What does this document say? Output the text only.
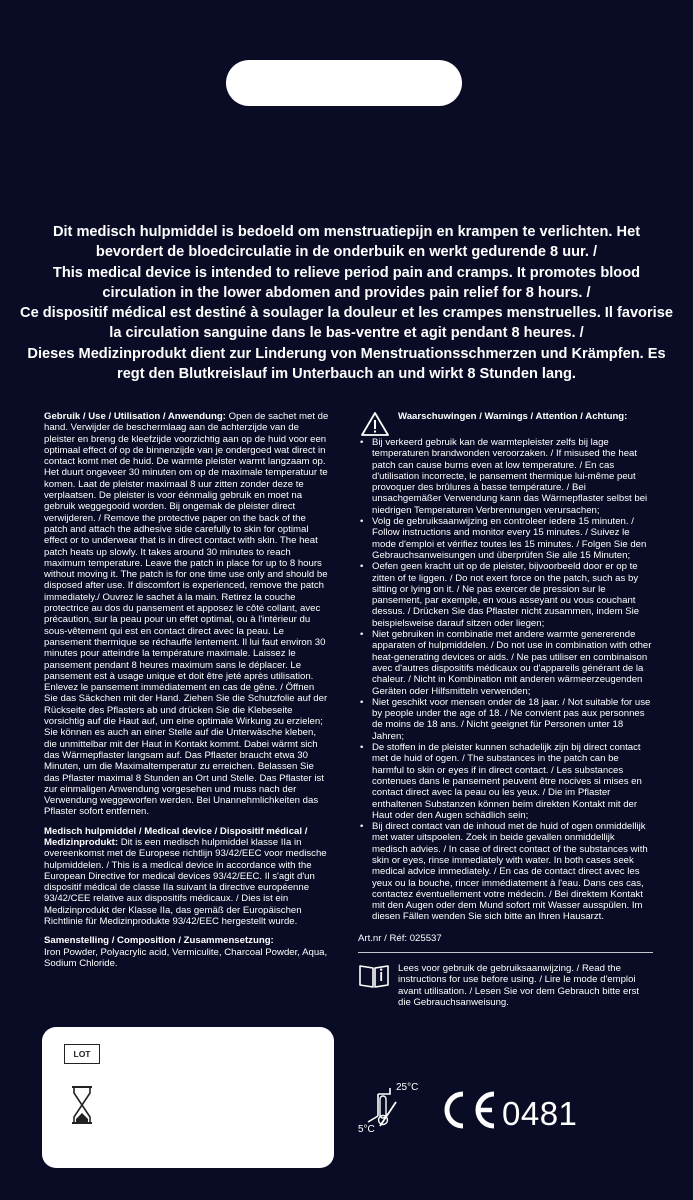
Dit medisch hulpmiddel is bedoeld om menstruatiepijn en krampen te verlichten. Het bevordert de bloedcirculatie in de onderbuik en werkt gedurende 8 uur. /
This medical device is intended to relieve period pain and cramps. It promotes blood circulation in the lower abdomen and provides pain relief for 8 hours. /
Ce dispositif médical est destiné à soulager la douleur et les crampes menstruelles. Il favorise la circulation sanguine dans le bas-ventre et agit pendant 8 heures. /
Dieses Medizinprodukt dient zur Linderung von Menstruationsschmerzen und Krämpfen. Es regt den Blutkreislauf im Unterbauch an und wirkt 8 Stunden lang.

Gebruik / Use / Utilisation / Anwendung: Open de sachet met de hand. Verwijder de beschermlaag aan de achterzijde van de pleister en breng de kleefzijde voorzichtig aan op de huid voor een optimaal effect of op de binnenzijde van je ondergoed wat direct in contact komt met de huid. De warmte pleister warmt langzaam op. Het duurt ongeveer 30 minuten om op de maximale temperatuur te komen. Laat de pleister maximaal 8 uur zitten zonder deze te verplaatsen. De pleister is voor éénmalig gebruik en moet na gebruik weggegooid worden. Bij ongemak de pleister direct verwijderen. / Remove the protective paper on the back of the patch and attach the adhesive side carefully to skin for optimal effect or to underwear that is in direct contact with skin. The heat patch heats up slowly. It takes around 30 minutes to reach maximum temperature. Leave the patch in place for up to 8 hours without moving it. The patch is for one time use only and should be disposed after use. If discomfort is experienced, remove the patch immediately./ Ouvrez le sachet à la main. Retirez la couche protectrice au dos du pansement et apposez le côté collant, avec précaution, sur la peau pour un effet optimal, ou à l'intérieur du sous-vêtement qui est en contact direct avec la peau. Le pansement thermique se réchauffe lentement. Il lui faut environ 30 minutes pour atteindre la température maximale. Laissez le pansement pendant 8 heures maximum sans le déplacer. Le pansement est à usage unique et doit être jeté après utilisation. Enlevez le pansement immédiatement en cas de gêne. / Öffnen Sie das Säckchen mit der Hand. Ziehen Sie die Schutzfolie auf der Rückseite des Pflasters ab und drücken Sie die Klebeseite vorsichtig auf die Haut auf, um eine optimale Wirkung zu erzielen; Sie können es auch an einer Stelle auf die Unterwäsche kleben, die unmittelbar mit der Haut in Kontakt kommt. Dabei wärmt sich das Wärmepflaster langsam auf. Das Pflaster braucht etwa 30 Minuten, um die Maximaltemperatur zu erreichen. Belassen Sie das Pflaster maximal 8 Stunden an Ort und Stelle. Das Pflaster ist zur einmaligen Anwendung vorgesehen und muss nach der Verwendung weggeworfen werden. Bei Unannehmlichkeiten das Pflaster sofort entfernen.

Medisch hulpmiddel / Medical device / Dispositif médical / Medizinprodukt: Dit is een medisch hulpmiddel klasse IIa in overeenkomst met de Europese richtlijn 93/42/EEC voor medische hulpmiddelen. / This is a medical device in accordance with the European Directive for medical devices 93/42/EEC. Il s'agit d'un dispositif médical de classe IIa suivant la directive européenne 93/42/CEE relative aux dispositifs médicaux. / Dies ist ein Medizinprodukt der Klasse IIa, das gemäß der Europäischen Richtlinie für Medizinprodukte 93/42/EEC hergestellt wurde.

Samenstelling / Composition / Zusammensetzung:
Iron Powder, Polyacrylic acid, Vermiculite, Charcoal Powder, Aqua, Sodium Chloride.

Waarschuwingen / Warnings / Attention / Achtung:
• Bij verkeerd gebruik kan de warmtepleister zelfs bij lage temperaturen brandwonden veroorzaken. / If misused the heat patch can cause burns even at low temperature. / En cas d'utilisation incorrecte, le pansement thermique lui-même peut provoquer des brûlures à basse température. / Bei unsachgemäßer Verwendung kann das Wärmepflaster selbst bei niedrigen Temperaturen Verbrennungen verursachen;
• Volg de gebruiksaanwijzing en controleer iedere 15 minuten. / Follow instructions and monitor every 15 minutes. / Suivez le mode d'emploi et vérifiez toutes les 15 minutes. / Folgen Sie den Gebrauchsanweisungen und überprüfen Sie alle 15 Minuten;
• Oefen geen kracht uit op de pleister, bijvoorbeeld door er op te zitten of te liggen. / Do not exert force on the patch, such as by sitting or lying on it. / Ne pas exercer de pression sur le pansement, par exemple, en vous asseyant ou vous couchant dessus. / Drücken Sie das Pflaster nicht zusammen, indem Sie beispielsweise darauf sitzen oder liegen;
• Niet gebruiken in combinatie met andere warmte genererende apparaten of hulpmiddelen. / Do not use in combination with other heat-generating devices or aids. / Ne pas utiliser en combinaison avec d'autres dispositifs médicaux ou d'appareils générant de la chaleur. / Nicht in Kombination mit anderen wärmeerzeugenden Geräten oder Hilfsmitteln verwenden;
• Niet geschikt voor mensen onder de 18 jaar. / Not suitable for use by people under the age of 18. / Ne convient pas aux personnes de moins de 18 ans. / Nicht geeignet für Personen unter 18 Jahren;
• De stoffen in de pleister kunnen schadelijk zijn bij direct contact met de huid of ogen. / The substances in the patch can be harmful to skin or eyes if in direct contact. / Les substances contenues dans le pansement peuvent être nocives si mises en contact direct avec la peau ou les yeux. / Die im Pflaster enthaltenen Substanzen können beim direkten Kontakt mit der Haut oder den Augen schädlich sein;
• Bij direct contact van de inhoud met de huid of ogen onmiddellijk met water uitspoelen. Zoek in beide gevallen onmiddellijk medisch advies. / In case of direct contact of the substances with skin or eyes, rinse immediately with water. In both cases seek medical advice immediately. / En cas de contact direct avec les yeux ou la bouche, rincer immédiatement à l'eau. Dans ces cas, contactez éventuellement votre médecin. / Bei direktem Kontakt mit den Augen oder dem Mund sofort mit Wasser ausspülen. Im diesen Fällen wenden Sie sich bitte an Ihren Hausarzt.
Art.nr / Réf: 025537
Lees voor gebruik de gebruiksaanwijzing. / Read the instructions for use before using. / Lire le mode d'emploi avant utilisation. / Lesen Sie vor dem Gebrauch bitte erst die Gebrauchsanweisung.
25°C
5°C	0481
LOT
